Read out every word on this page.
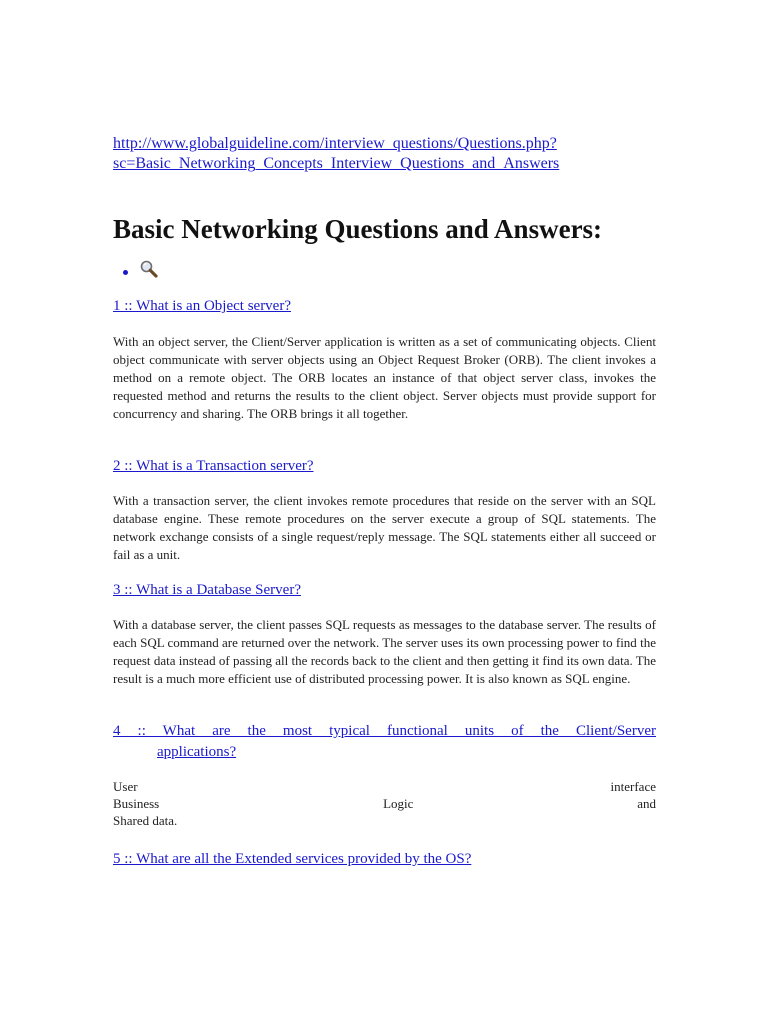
http://www.globalguideline.com/interview_questions/Questions.php?
sc=Basic_Networking_Concepts_Interview_Questions_and_Answers
Basic Networking Questions and Answers:
1 :: What is an Object server?

With an object server, the Client/Server application is written as a set of communicating objects. Client object communicate with server objects using an Object Request Broker (ORB). The client invokes a method on a remote object. The ORB locates an instance of that object server class, invokes the requested method and returns the results to the client object. Server objects must provide support for concurrency and sharing. The ORB brings it all together.

2 :: What is a Transaction server?

With a transaction server, the client invokes remote procedures that reside on the server with an SQL database engine. These remote procedures on the server execute a group of SQL statements. The network exchange consists of a single request/reply message. The SQL statements either all succeed or fail as a unit.

3 :: What is a Database Server?

With a database server, the client passes SQL requests as messages to the database server. The results of each SQL command are returned over the network. The server uses its own processing power to find the request data instead of passing all the records back to the client and then getting it find its own data. The result is a much more efficient use of distributed processing power. It is also known as SQL engine.

4 :: What are the most typical functional units of the Client/Server
applications?
User	interface
Business	Logic	and
Shared data.
5 :: What are all the Extended services provided by the OS?
